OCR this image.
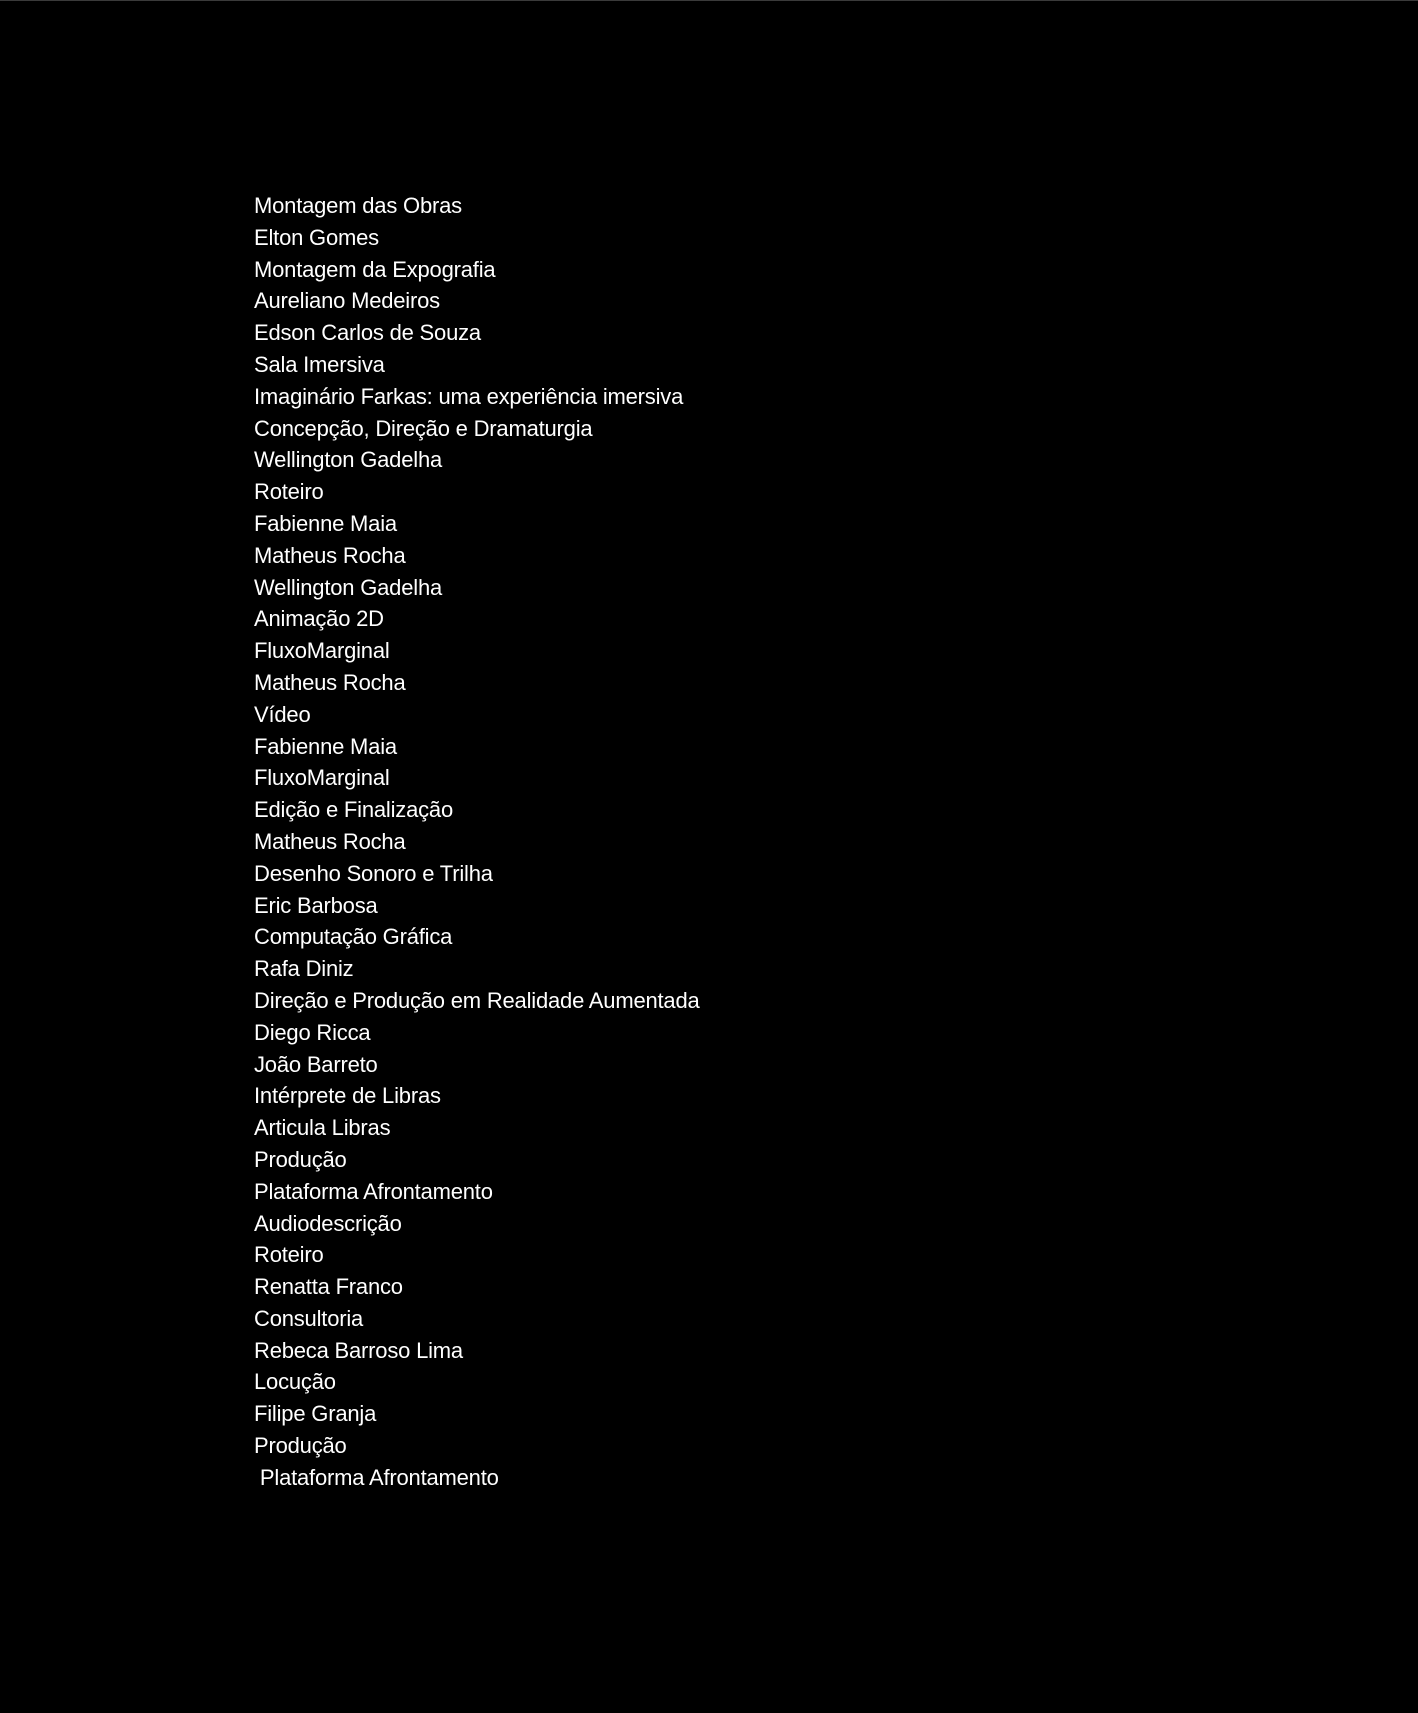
Montagem das Obras
Elton Gomes
Montagem da Expografia
Aureliano Medeiros
Edson Carlos de Souza
Sala Imersiva
Imaginário Farkas: uma experiência imersiva
Concepção, Direção e Dramaturgia
Wellington Gadelha
Roteiro
Fabienne Maia
Matheus Rocha
Wellington Gadelha
Animação 2D
FluxoMarginal
Matheus Rocha
Vídeo
Fabienne Maia
FluxoMarginal
Edição e Finalização
Matheus Rocha
Desenho Sonoro e Trilha
Eric Barbosa
Computação Gráfica
Rafa Diniz
Direção e Produção em Realidade Aumentada
Diego Ricca
João Barreto
Intérprete de Libras
Articula Libras
Produção
Plataforma Afrontamento
Audiodescrição
Roteiro
Renatta Franco
Consultoria
Rebeca Barroso Lima
Locução
Filipe Granja
Produção
Plataforma Afrontamento
